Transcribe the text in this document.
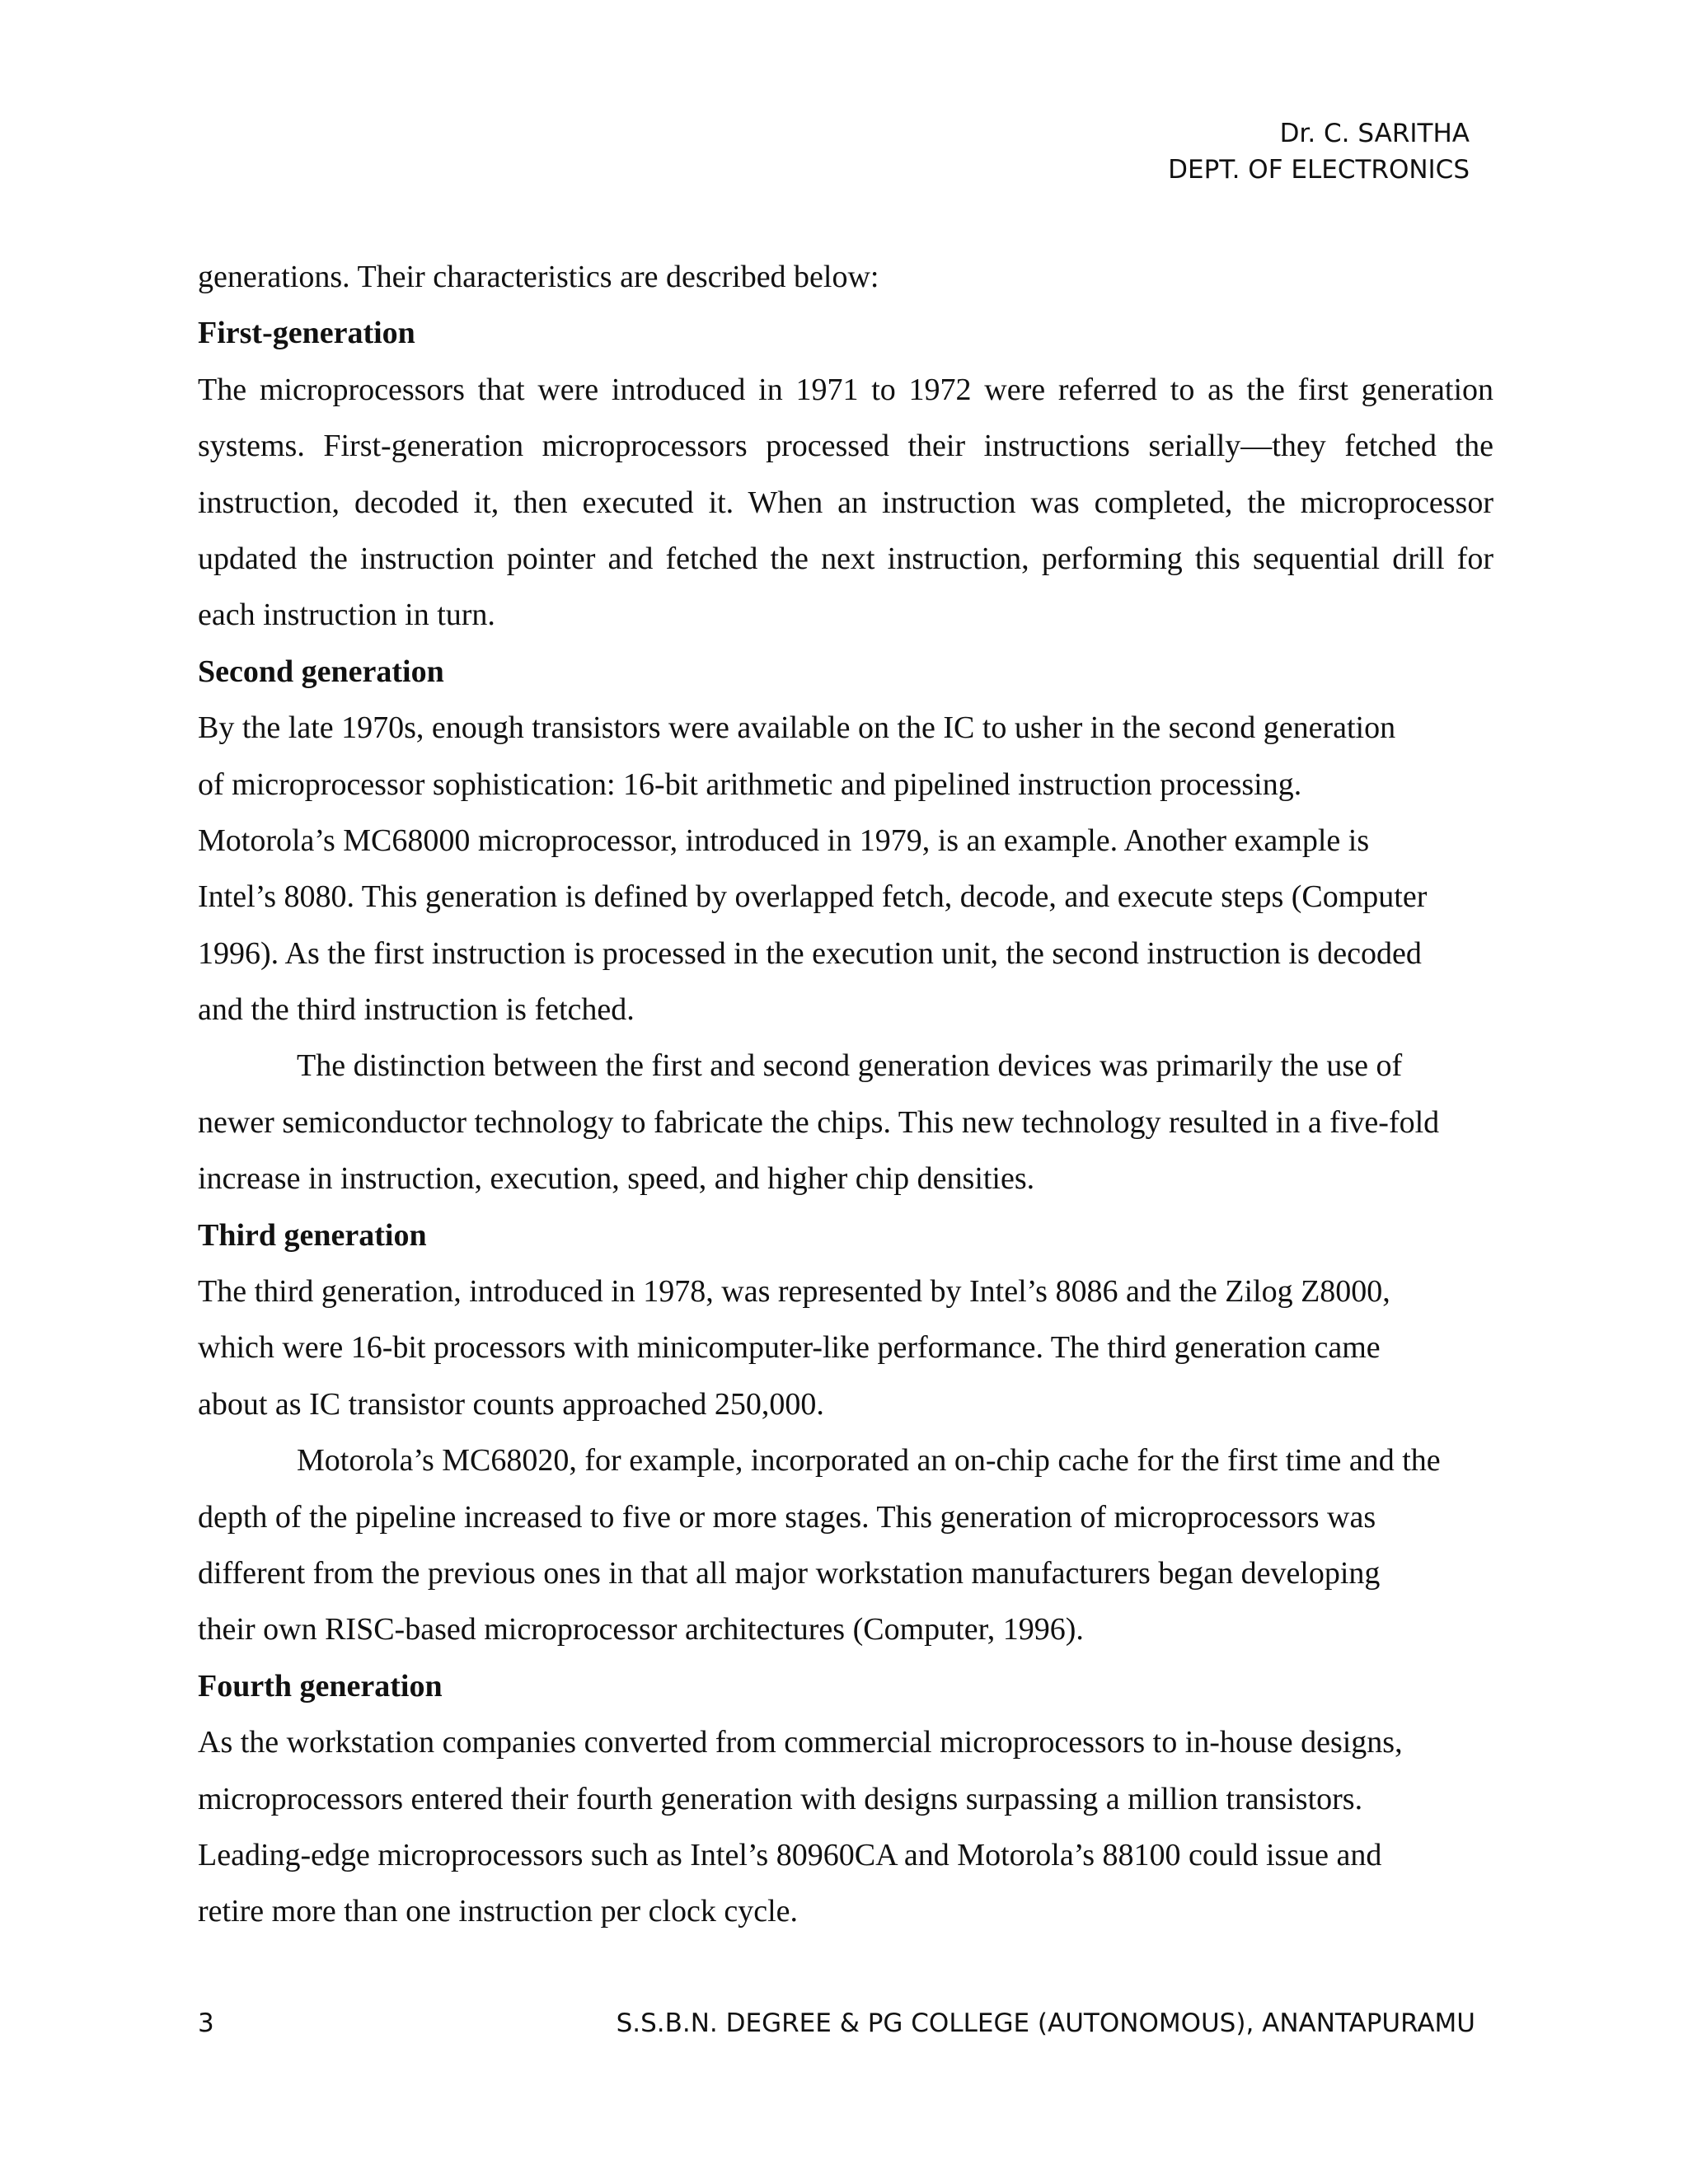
Dr. C. SARITHA
DEPT. OF ELECTRONICS
generations. Their characteristics are described below:
First-generation
The microprocessors that were introduced in 1971 to 1972 were referred to as the first generation
systems. First-generation microprocessors processed their instructions serially—they fetched the
instruction, decoded it, then executed it. When an instruction was completed, the microprocessor
updated the instruction pointer and fetched the next instruction, performing this sequential drill for
each instruction in turn.
Second generation
By the late 1970s, enough transistors were available on the IC to usher in the second generation
of microprocessor sophistication: 16-bit arithmetic and pipelined instruction processing.
Motorola’s MC68000 microprocessor, introduced in 1979, is an example. Another example is
Intel’s 8080. This generation is defined by overlapped fetch, decode, and execute steps (Computer
1996). As the first instruction is processed in the execution unit, the second instruction is decoded
and the third instruction is fetched.
The distinction between the first and second generation devices was primarily the use of
newer semiconductor technology to fabricate the chips. This new technology resulted in a five-fold
increase in instruction, execution, speed, and higher chip densities.
Third generation
The third generation, introduced in 1978, was represented by Intel’s 8086 and the Zilog Z8000,
which were 16-bit processors with minicomputer-like performance. The third generation came
about as IC transistor counts approached 250,000.
Motorola’s MC68020, for example, incorporated an on-chip cache for the first time and the
depth of the pipeline increased to five or more stages. This generation of microprocessors was
different from the previous ones in that all major workstation manufacturers began developing
their own RISC-based microprocessor architectures (Computer, 1996).
Fourth generation
As the workstation companies converted from commercial microprocessors to in-house designs,
microprocessors entered their fourth generation with designs surpassing a million transistors.
Leading-edge microprocessors such as Intel’s 80960CA and Motorola’s 88100 could issue and
retire more than one instruction per clock cycle.
3	S.S.B.N. DEGREE & PG COLLEGE (AUTONOMOUS), ANANTAPURAMU
